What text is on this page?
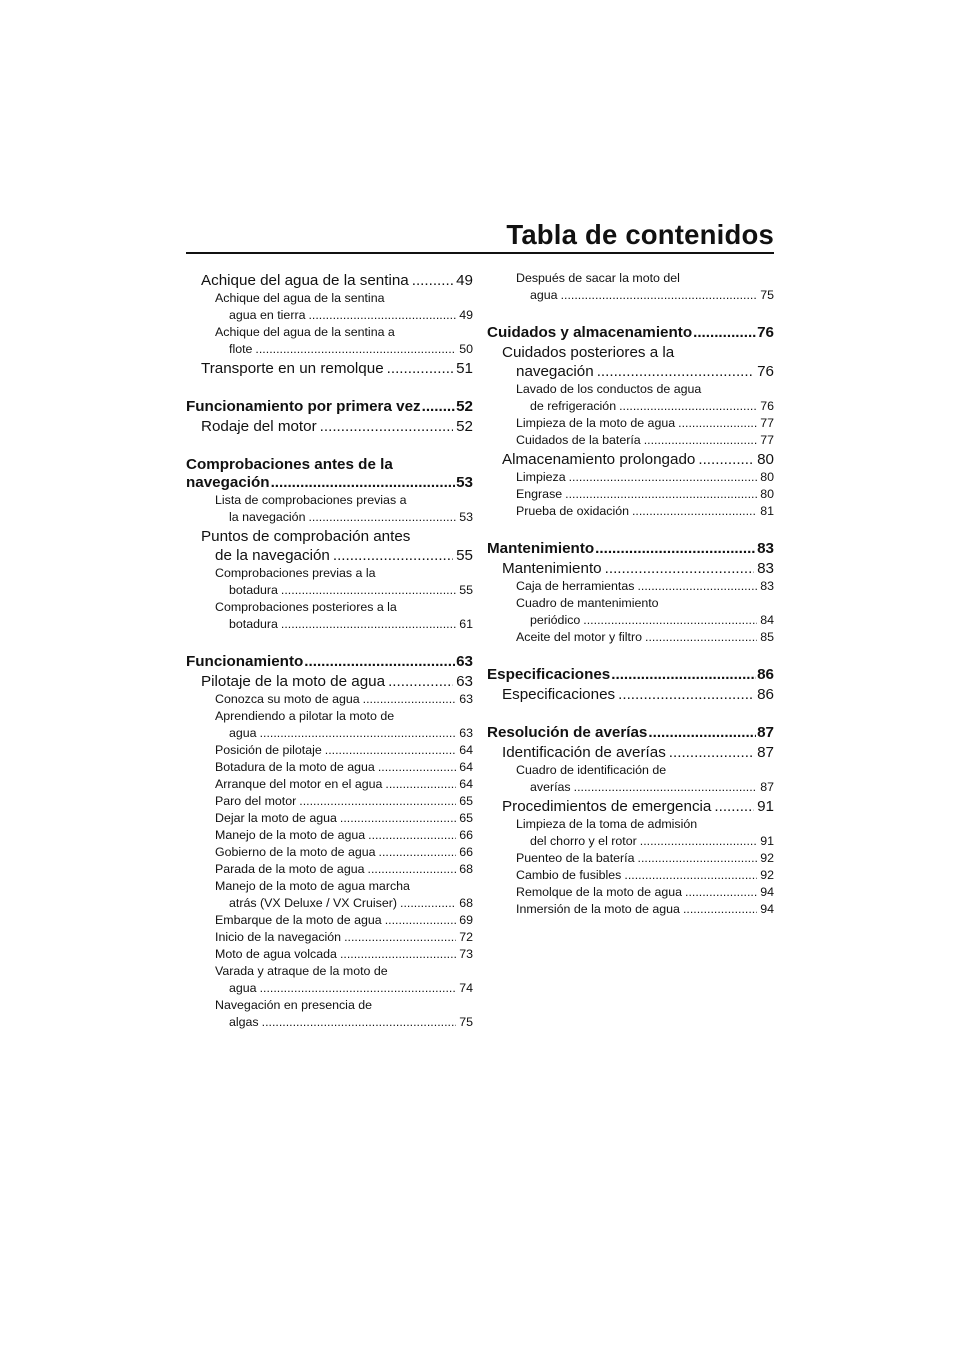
Tabla de contenidos
Achique del agua de la sentina .....	49
Achique del agua de la sentina
agua en tierra .....	49
Achique del agua de la sentina a
flote .....	50
Transporte en un remolque .....	51
Funcionamiento por primera vez ..... 52
Rodaje del motor .....	52
Comprobaciones antes de la
navegación .....	53
Lista de comprobaciones previas a
la navegación .....	53
Puntos de comprobación antes
de la navegación .....	55
Comprobaciones previas a la
botadura .....	55
Comprobaciones posteriores a la
botadura .....	61
Funcionamiento .....	63
Pilotaje de la moto de agua .....	63
Conozca su moto de agua .....	63
Aprendiendo a pilotar la moto de
agua .....	63
Posición de pilotaje .....	64
Botadura de la moto de agua .....	64
Arranque del motor en el agua .....	64
Paro del motor .....	65
Dejar la moto de agua .....	65
Manejo de la moto de agua .....	66
Gobierno de la moto de agua .....	66
Parada de la moto de agua .....	68
Manejo de la moto de agua marcha
atrás (VX Deluxe / VX Cruiser) .....	68
Embarque de la moto de agua .....	69
Inicio de la navegación .....	72
Moto de agua volcada .....	73
Varada y atraque de la moto de
agua .....	74
Navegación en presencia de
algas .....	75
Después de sacar la moto del
agua .....	75
Cuidados y almacenamiento .....	76
Cuidados posteriores a la
navegación .....	76
Lavado de los conductos de agua
de refrigeración .....	76
Limpieza de la moto de agua .....	77
Cuidados de la batería .....	77
Almacenamiento prolongado .....	80
Limpieza .....	80
Engrase .....	80
Prueba de oxidación .....	81
Mantenimiento .....	83
Mantenimiento .....	83
Caja de herramientas .....	83
Cuadro de mantenimiento
periódico .....	84
Aceite del motor y filtro .....	85
Especificaciones .....	86
Especificaciones .....	86
Resolución de averías .....	87
Identificación de averías .....	87
Cuadro de identificación de
averías .....	87
Procedimientos de emergencia .....	91
Limpieza de la toma de admisión
del chorro y el rotor .....	91
Puenteo de la batería .....	92
Cambio de fusibles .....	92
Remolque de la moto de agua .....	94
Inmersión de la moto de agua .....	94
